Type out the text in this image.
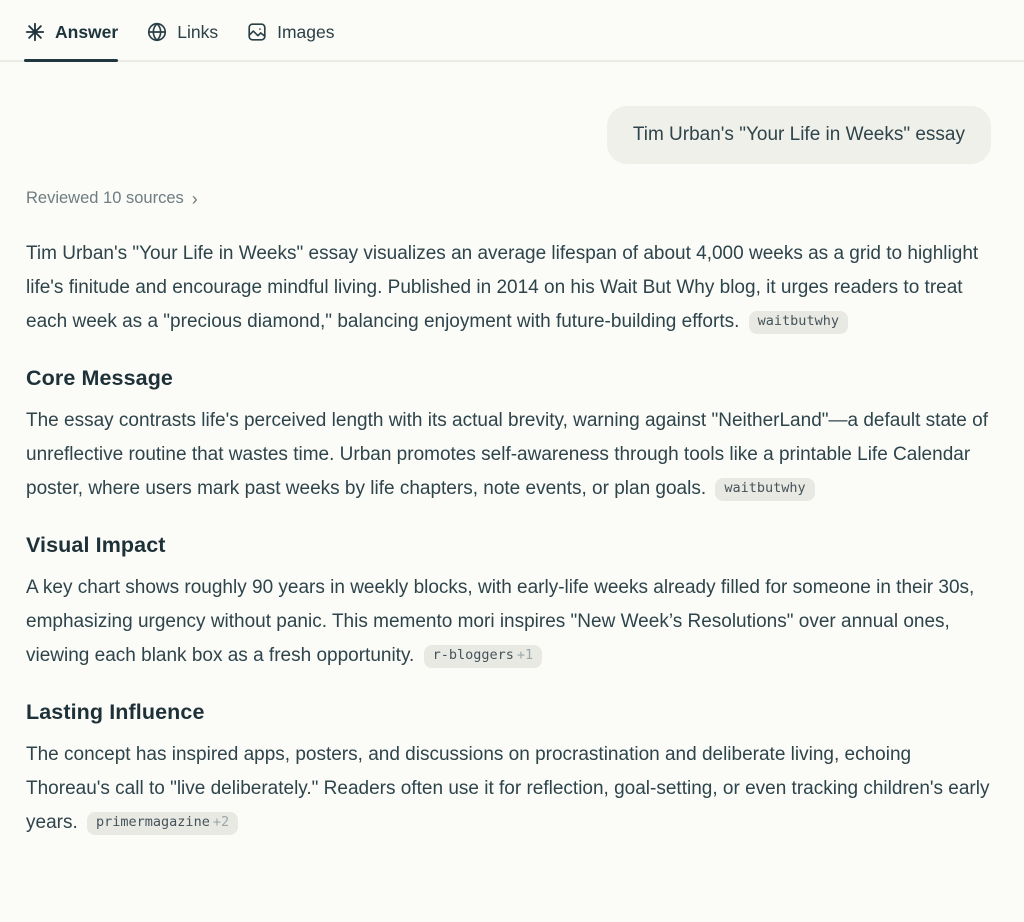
Answer	Links	Images
Tim Urban's "Your Life in Weeks" essay
Reviewed 10 sources ›

Tim Urban's "Your Life in Weeks" essay visualizes an average lifespan of about 4,000 weeks as a grid to highlight life's finitude and encourage mindful living. Published in 2014 on his Wait But Why blog, it urges readers to treat each week as a "precious diamond," balancing enjoyment with future-building efforts. waitbutwhy

Core Message

The essay contrasts life's perceived length with its actual brevity, warning against "NeitherLand"—a default state of unreflective routine that wastes time. Urban promotes self-awareness through tools like a printable Life Calendar poster, where users mark past weeks by life chapters, note events, or plan goals. waitbutwhy

Visual Impact

A key chart shows roughly 90 years in weekly blocks, with early-life weeks already filled for someone in their 30s, emphasizing urgency without panic. This memento mori inspires "New Week’s Resolutions" over annual ones, viewing each blank box as a fresh opportunity. r-bloggers +1

Lasting Influence

The concept has inspired apps, posters, and discussions on procrastination and deliberate living, echoing Thoreau's call to "live deliberately." Readers often use it for reflection, goal-setting, or even tracking children's early years. primermagazine +2
